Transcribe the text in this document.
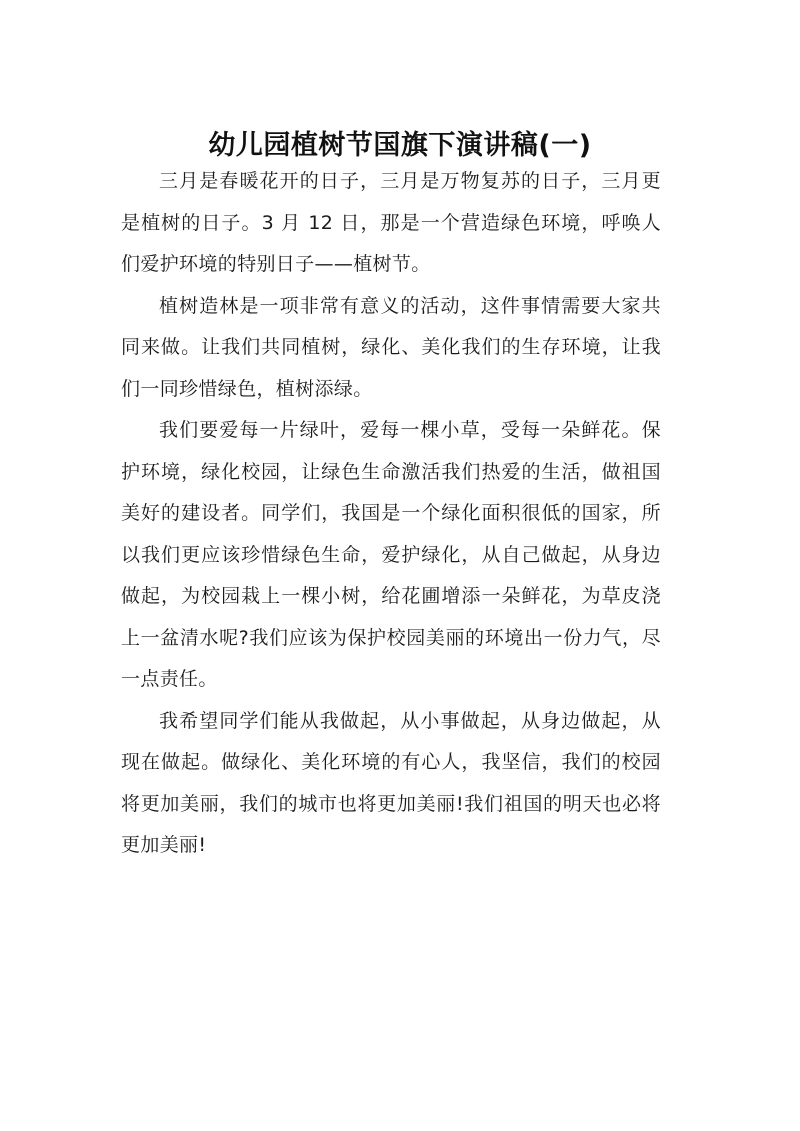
幼儿园植树节国旗下演讲稿(一)

三月是春暖花开的日子，三月是万物复苏的日子，三月更是植树的日子。3 月 12 日，那是一个营造绿色环境，呼唤人们爱护环境的特别日子——植树节。

植树造林是一项非常有意义的活动，这件事情需要大家共同来做。让我们共同植树，绿化、美化我们的生存环境，让我们一同珍惜绿色，植树添绿。

我们要爱每一片绿叶，爱每一棵小草，受每一朵鲜花。保护环境，绿化校园，让绿色生命激活我们热爱的生活，做祖国美好的建设者。同学们，我国是一个绿化面积很低的国家，所以我们更应该珍惜绿色生命，爱护绿化，从自己做起，从身边做起，为校园栽上一棵小树，给花圃增添一朵鲜花，为草皮浇上一盆清水呢?我们应该为保护校园美丽的环境出一份力气，尽一点责任。

我希望同学们能从我做起，从小事做起，从身边做起，从现在做起。做绿化、美化环境的有心人，我坚信，我们的校园将更加美丽，我们的城市也将更加美丽!我们祖国的明天也必将更加美丽!
